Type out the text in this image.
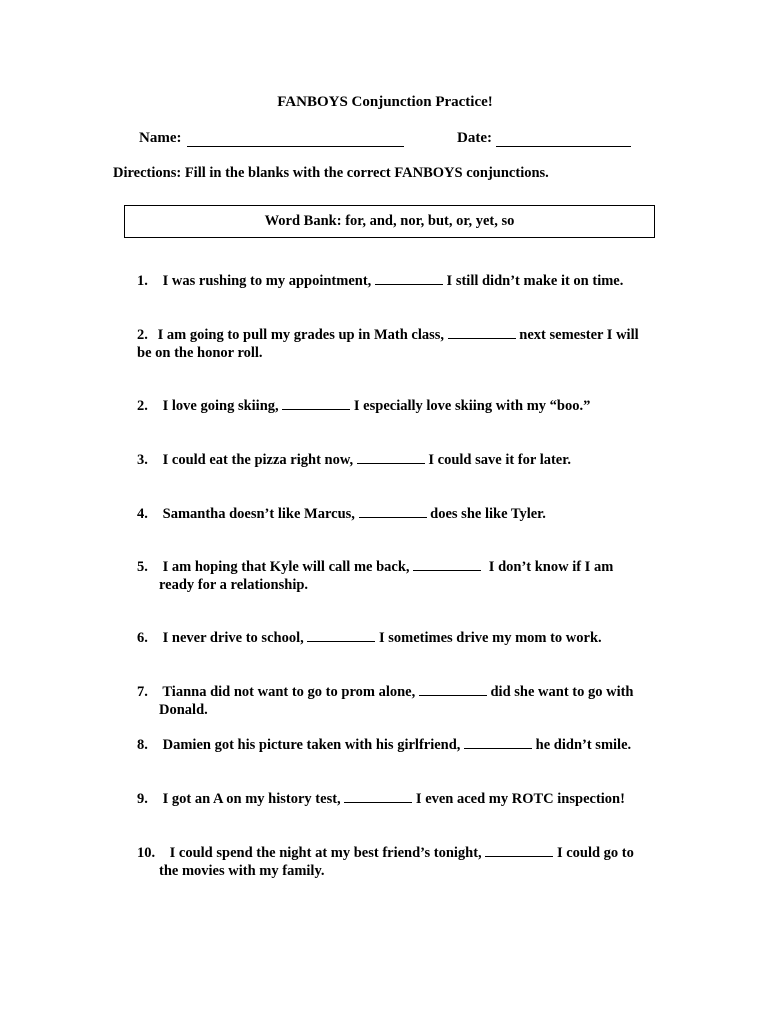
FANBOYS Conjunction Practice!
Name:	Date:
Directions: Fill in the blanks with the correct FANBOYS conjunctions.
Word Bank: for, and, nor, but, or, yet, so
1. I was rushing to my appointment,	I still didn’t make it on time.
2. I am going to pull my grades up in Math class,	next semester I will
be on the honor roll.
2. I love going skiing,	I especially love skiing with my “boo.”
3. I could eat the pizza right now,	I could save it for later.
4. Samantha doesn’t like Marcus,	does she like Tyler.
5. I am hoping that Kyle will call me back,	I don’t know if I am
ready for a relationship.
6. I never drive to school,	I sometimes drive my mom to work.
7. Tianna did not want to go to prom alone,	did she want to go with
Donald.
8. Damien got his picture taken with his girlfriend,	he didn’t smile.
9. I got an A on my history test,	I even aced my ROTC inspection!
10. I could spend the night at my best friend’s tonight,	I could go to
the movies with my family.
